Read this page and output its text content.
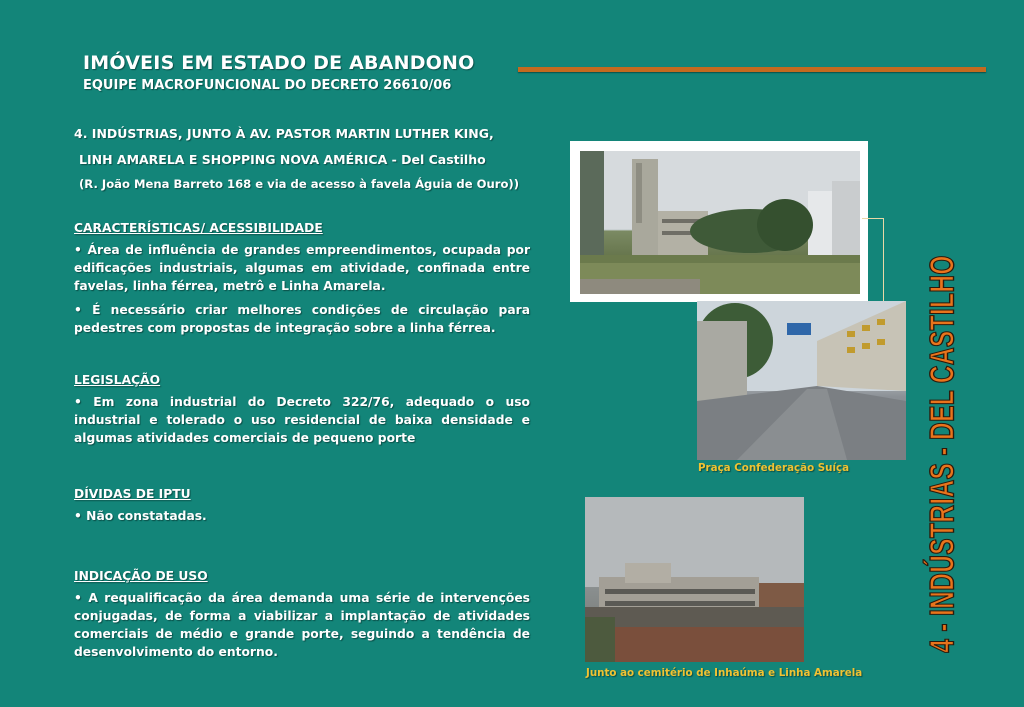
IMÓVEIS EM ESTADO DE ABANDONO
EQUIPE MACROFUNCIONAL DO DECRETO 26610/06
4. INDÚSTRIAS, JUNTO À AV. PASTOR MARTIN LUTHER KING,
LINH AMARELA E SHOPPING NOVA AMÉRICA - Del Castilho
(R. João Mena Barreto 168 e via de acesso à favela Águia de Ouro))
CARACTERÍSTICAS/ ACESSIBILIDADE

• Área de influência de grandes empreendimentos, ocupada por edificações industriais, algumas em atividade, confinada entre favelas, linha férrea, metrô e Linha Amarela.

• É necessário criar melhores condições de circulação para pedestres com propostas de integração sobre a linha férrea.

LEGISLAÇÃO

• Em zona industrial do Decreto 322/76, adequado o uso industrial e tolerado o uso residencial de baixa densidade e algumas atividades comerciais de pequeno porte

DÍVIDAS DE IPTU

• Não constatadas.

INDICAÇÃO DE USO

• A requalificação da área demanda uma série de intervenções conjugadas, de forma a viabilizar a implantação de atividades comerciais de médio e grande porte, seguindo a tendência de desenvolvimento do entorno.

Praça Confederação Suíça
Junto ao cemitério de Inhaúma e Linha Amarela
4 - INDÚSTRIAS - DEL CASTILHO
